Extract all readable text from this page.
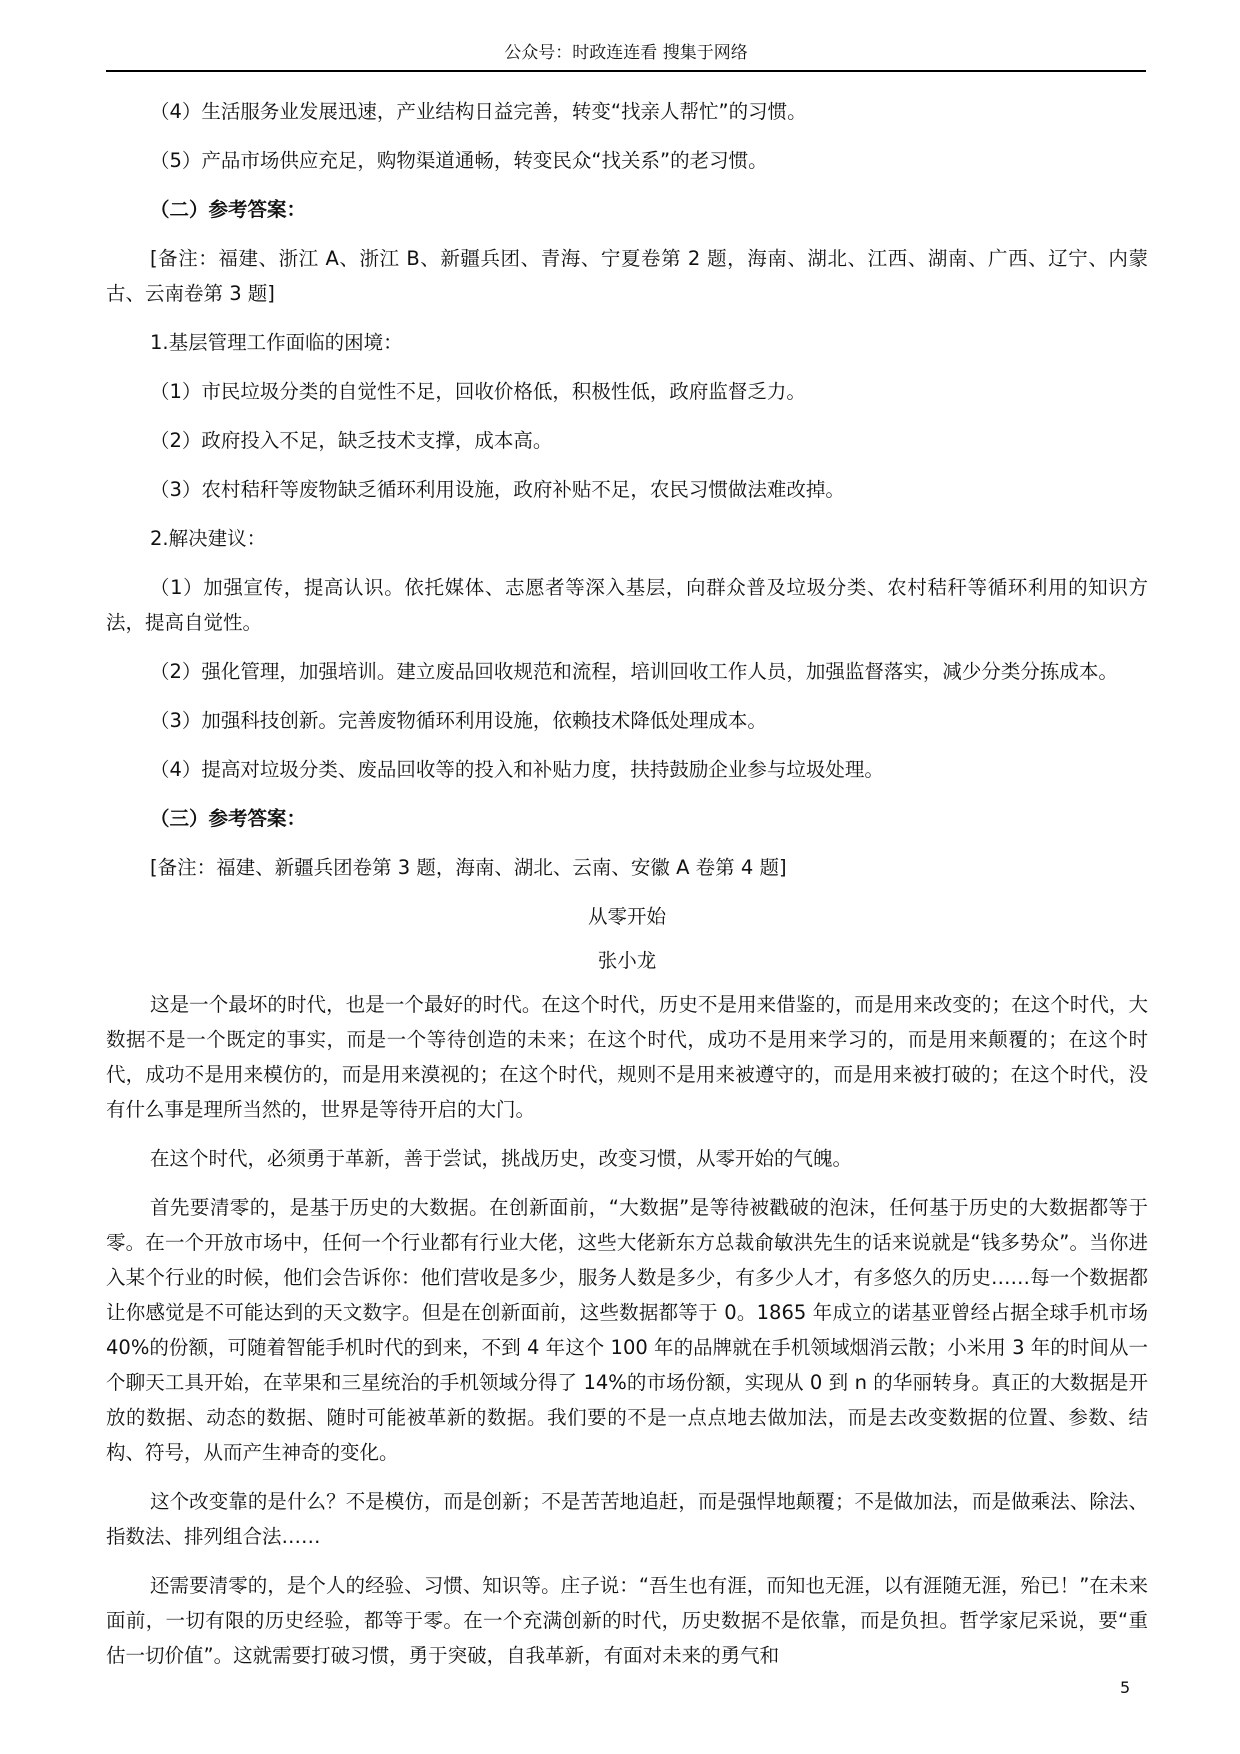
公众号：时政连连看 搜集于网络

（4）生活服务业发展迅速，产业结构日益完善，转变“找亲人帮忙”的习惯。

（5）产品市场供应充足，购物渠道通畅，转变民众“找关系”的老习惯。

（二）参考答案：

[备注：福建、浙江 A、浙江 B、新疆兵团、青海、宁夏卷第 2 题，海南、湖北、江西、湖南、广西、辽宁、内蒙古、云南卷第 3 题]

1.基层管理工作面临的困境：

（1）市民垃圾分类的自觉性不足，回收价格低，积极性低，政府监督乏力。

（2）政府投入不足，缺乏技术支撑，成本高。

（3）农村秸秆等废物缺乏循环利用设施，政府补贴不足，农民习惯做法难改掉。

2.解决建议：

（1）加强宣传，提高认识。依托媒体、志愿者等深入基层，向群众普及垃圾分类、农村秸秆等循环利用的知识方法，提高自觉性。

（2）强化管理，加强培训。建立废品回收规范和流程，培训回收工作人员，加强监督落实，减少分类分拣成本。

（3）加强科技创新。完善废物循环利用设施，依赖技术降低处理成本。

（4）提高对垃圾分类、废品回收等的投入和补贴力度，扶持鼓励企业参与垃圾处理。

（三）参考答案：

[备注：福建、新疆兵团卷第 3 题，海南、湖北、云南、安徽 A 卷第 4 题]

从零开始

张小龙

这是一个最坏的时代，也是一个最好的时代。在这个时代，历史不是用来借鉴的，而是用来改变的；在这个时代，大数据不是一个既定的事实，而是一个等待创造的未来；在这个时代，成功不是用来学习的，而是用来颠覆的；在这个时代，成功不是用来模仿的，而是用来漠视的；在这个时代，规则不是用来被遵守的，而是用来被打破的；在这个时代，没有什么事是理所当然的，世界是等待开启的大门。

在这个时代，必须勇于革新，善于尝试，挑战历史，改变习惯，从零开始的气魄。

首先要清零的，是基于历史的大数据。在创新面前，“大数据”是等待被戳破的泡沫，任何基于历史的大数据都等于零。在一个开放市场中，任何一个行业都有行业大佬，这些大佬新东方总裁俞敏洪先生的话来说就是“钱多势众”。当你进入某个行业的时候，他们会告诉你：他们营收是多少，服务人数是多少，有多少人才，有多悠久的历史……每一个数据都让你感觉是不可能达到的天文数字。但是在创新面前，这些数据都等于 0。1865 年成立的诺基亚曾经占据全球手机市场 40%的份额，可随着智能手机时代的到来，不到 4 年这个 100 年的品牌就在手机领域烟消云散；小米用 3 年的时间从一个聊天工具开始，在苹果和三星统治的手机领域分得了 14%的市场份额，实现从 0 到 n 的华丽转身。真正的大数据是开放的数据、动态的数据、随时可能被革新的数据。我们要的不是一点点地去做加法，而是去改变数据的位置、参数、结构、符号，从而产生神奇的变化。

这个改变靠的是什么？不是模仿，而是创新；不是苦苦地追赶，而是强悍地颠覆；不是做加法，而是做乘法、除法、指数法、排列组合法……

还需要清零的，是个人的经验、习惯、知识等。庄子说：“吾生也有涯，而知也无涯，以有涯随无涯，殆已！”在未来面前，一切有限的历史经验，都等于零。在一个充满创新的时代，历史数据不是依靠，而是负担。哲学家尼采说，要“重估一切价值”。这就需要打破习惯，勇于突破，自我革新，有面对未来的勇气和

5
